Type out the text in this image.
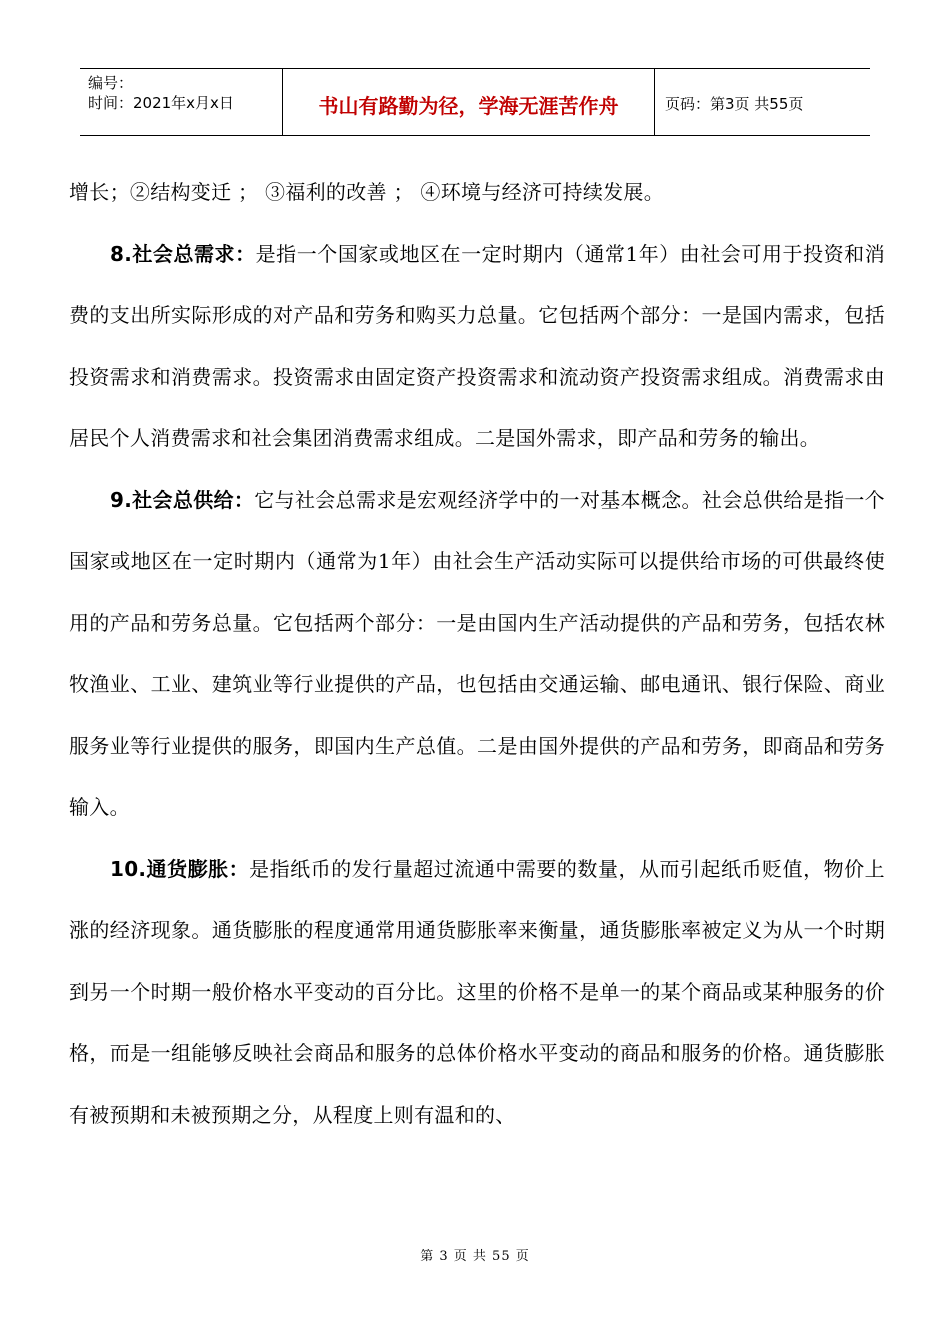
编号：
时间：2021年x月x日	书山有路勤为径，学海无涯苦作舟	页码：第3页 共55页

增长；②结构变迁 ； ③福利的改善 ； ④环境与经济可持续发展。

8.社会总需求：是指一个国家或地区在一定时期内（通常1年）由社会可用于投资和消费的支出所实际形成的对产品和劳务和购买力总量。它包括两个部分：一是国内需求，包括投资需求和消费需求。投资需求由固定资产投资需求和流动资产投资需求组成。消费需求由居民个人消费需求和社会集团消费需求组成。二是国外需求，即产品和劳务的输出。

9.社会总供给：它与社会总需求是宏观经济学中的一对基本概念。社会总供给是指一个国家或地区在一定时期内（通常为1年）由社会生产活动实际可以提供给市场的可供最终使用的产品和劳务总量。它包括两个部分：一是由国内生产活动提供的产品和劳务，包括农林牧渔业、工业、建筑业等行业提供的产品，也包括由交通运输、邮电通讯、银行保险、商业服务业等行业提供的服务，即国内生产总值。二是由国外提供的产品和劳务，即商品和劳务输入。

10.通货膨胀：是指纸币的发行量超过流通中需要的数量，从而引起纸币贬值，物价上涨的经济现象。通货膨胀的程度通常用通货膨胀率来衡量，通货膨胀率被定义为从一个时期到另一个时期一般价格水平变动的百分比。这里的价格不是单一的某个商品或某种服务的价格，而是一组能够反映社会商品和服务的总体价格水平变动的商品和服务的价格。通货膨胀有被预期和未被预期之分，从程度上则有温和的、

第 3 页 共 55 页
